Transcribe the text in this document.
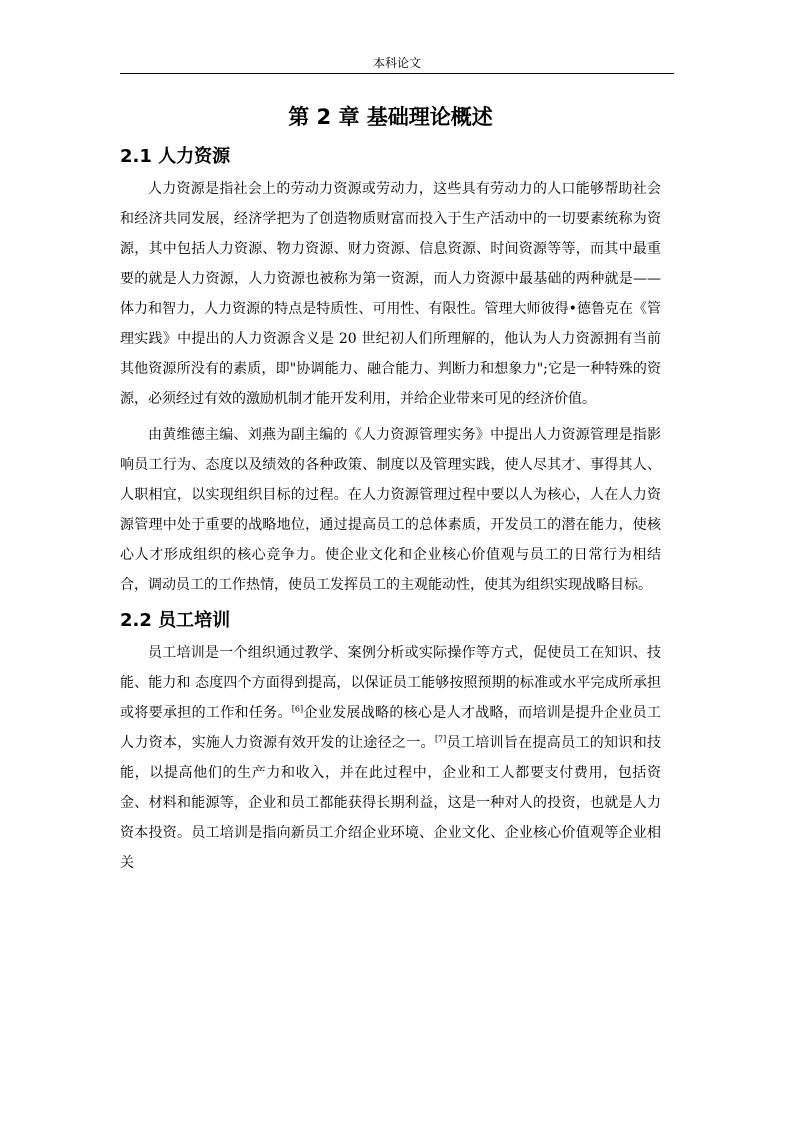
本科论文
第 2 章 基础理论概述
2.1 人力资源

人力资源是指社会上的劳动力资源或劳动力，这些具有劳动力的人口能够帮助社会和经济共同发展，经济学把为了创造物质财富而投入于生产活动中的一切要素统称为资源，其中包括人力资源、物力资源、财力资源、信息资源、时间资源等等，而其中最重要的就是人力资源，人力资源也被称为第一资源，而人力资源中最基础的两种就是——体力和智力，人力资源的特点是特质性、可用性、有限性。管理大师彼得•德鲁克在《管理实践》中提出的人力资源含义是 20 世纪初人们所理解的，他认为人力资源拥有当前其他资源所没有的素质，即"协调能力、融合能力、判断力和想象力";它是一种特殊的资源，必须经过有效的激励机制才能开发利用，并给企业带来可见的经济价值。

由黄维德主编、刘燕为副主编的《人力资源管理实务》中提出人力资源管理是指影响员工行为、态度以及绩效的各种政策、制度以及管理实践，使人尽其才、事得其人、人职相宜，以实现组织目标的过程。在人力资源管理过程中要以人为核心，人在人力资源管理中处于重要的战略地位，通过提高员工的总体素质，开发员工的潜在能力，使核心人才形成组织的核心竞争力。使企业文化和企业核心价值观与员工的日常行为相结合，调动员工的工作热情，使员工发挥员工的主观能动性，使其为组织实现战略目标。

2.2 员工培训

员工培训是一个组织通过教学、案例分析或实际操作等方式，促使员工在知识、技能、能力和 态度四个方面得到提高，以保证员工能够按照预期的标准或水平完成所承担或将要承担的工作和任务。[6]企业发展战略的核心是人才战略，而培训是提升企业员工人力资本，实施人力资源有效开发的让途径之一。[7]员工培训旨在提高员工的知识和技能，以提高他们的生产力和收入，并在此过程中，企业和工人都要支付费用，包括资金、材料和能源等，企业和员工都能获得长期利益，这是一种对人的投资，也就是人力资本投资。员工培训是指向新员工介绍企业环境、企业文化、企业核心价值观等企业相关
